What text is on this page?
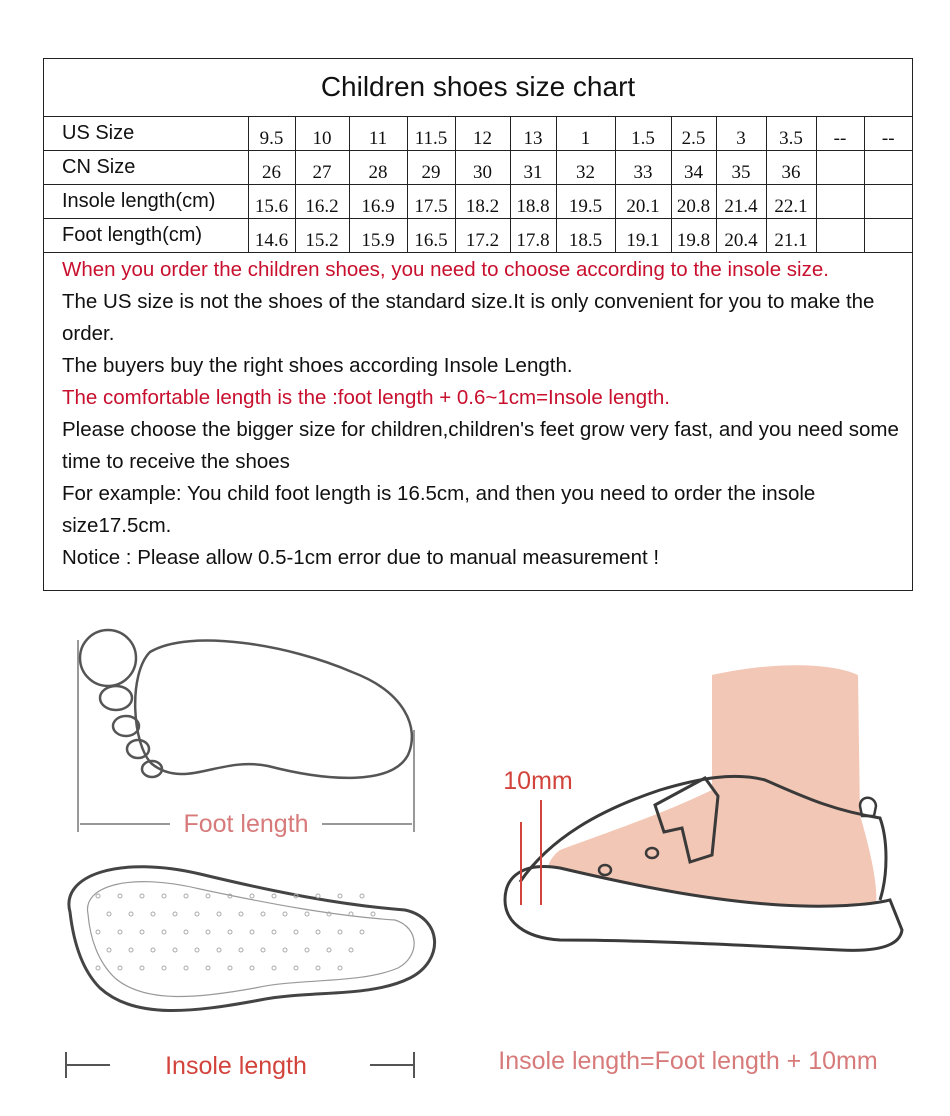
Children shoes size chart
US Size	9.5	10	11	11.5	12	13	1	1.5	2.5	3	3.5	--	--
CN Size	26	27	28	29	30	31	32	33	34	35	36		
Insole length(cm)	15.6	16.2	16.9	17.5	18.2	18.8	19.5	20.1	20.8	21.4	22.1		
Foot length(cm)	14.6	15.2	15.9	16.5	17.2	17.8	18.5	19.1	19.8	20.4	21.1		

When you order the children shoes, you need to choose according to the insole size.

The US size is not the shoes of the standard size.It is only convenient for you to make the order.

The buyers buy the right shoes according Insole Length.

The comfortable length is the :foot length + 0.6~1cm=Insole length.

Please choose the bigger size for children,children's feet grow very fast, and you need some time to receive the shoes

For example: You child foot length is 16.5cm, and then you need to order the insole size17.5cm.

Notice : Please allow 0.5-1cm error due to manual measurement !

Foot length
Insole length
10mm
Insole length=Foot length + 10mm
